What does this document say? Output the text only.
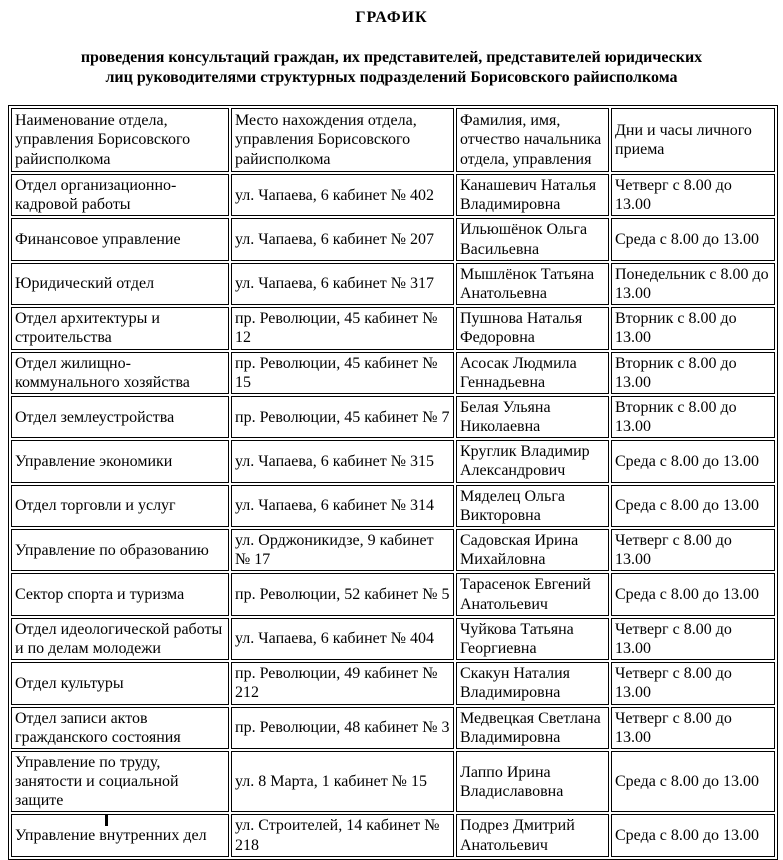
ГРАФИК
проведения консультаций граждан, их представителей, представителей юридических
лиц руководителями структурных подразделений Борисовского райисполкома
Наименование отдела, управления Борисовского райисполкома	Место нахождения отдела, управления Борисовского райисполкома	Фамилия, имя, отчество начальника отдела, управления	Дни и часы личного приема
Отдел организационно-кадровой работы	ул. Чапаева, 6 кабинет № 402	Канашевич Наталья Владимировна	Четверг с 8.00 до 13.00
Финансовое управление	ул. Чапаева, 6 кабинет № 207	Ильюшёнок Ольга Васильевна	Среда с 8.00 до 13.00
Юридический отдел	ул. Чапаева, 6 кабинет № 317	Мышлёнок Татьяна Анатольевна	Понедельник с 8.00 до 13.00
Отдел архитектуры и строительства	пр. Революции, 45 кабинет № 12	Пушнова Наталья Федоровна	Вторник с 8.00 до 13.00
Отдел жилищно-коммунального хозяйства	пр. Революции, 45 кабинет № 15	Асосак Людмила Геннадьевна	Вторник с 8.00 до 13.00
Отдел землеустройства	пр. Революции, 45 кабинет № 7	Белая Ульяна Николаевна	Вторник с 8.00 до 13.00
Управление экономики	ул. Чапаева, 6 кабинет № 315	Круглик Владимир Александрович	Среда с 8.00 до 13.00
Отдел торговли и услуг	ул. Чапаева, 6 кабинет № 314	Мяделец Ольга Викторовна	Среда с 8.00 до 13.00
Управление по образованию	ул. Орджоникидзе, 9 кабинет № 17	Садовская Ирина Михайловна	Четверг с 8.00 до 13.00
Сектор спорта и туризма	пр. Революции, 52 кабинет № 5	Тарасенок Евгений Анатольевич	Среда с 8.00 до 13.00
Отдел идеологической работы и по делам молодежи	ул. Чапаева, 6 кабинет № 404	Чуйкова Татьяна Георгиевна	Четверг с 8.00 до 13.00
Отдел культуры	пр. Революции, 49 кабинет № 212	Скакун Наталия Владимировна	Четверг с 8.00 до 13.00
Отдел записи актов гражданского состояния	пр. Революции, 48 кабинет № 3	Медвецкая Светлана Владимировна	Четверг с 8.00 до 13.00
Управление по труду, занятости и социальной защите	ул. 8 Марта, 1 кабинет № 15	Лаппо Ирина Владиславовна	Среда с 8.00 до 13.00
Управление внутренних дел	ул. Строителей, 14 кабинет № 218	Подрез Дмитрий Анатольевич	Среда с 8.00 до 13.00
